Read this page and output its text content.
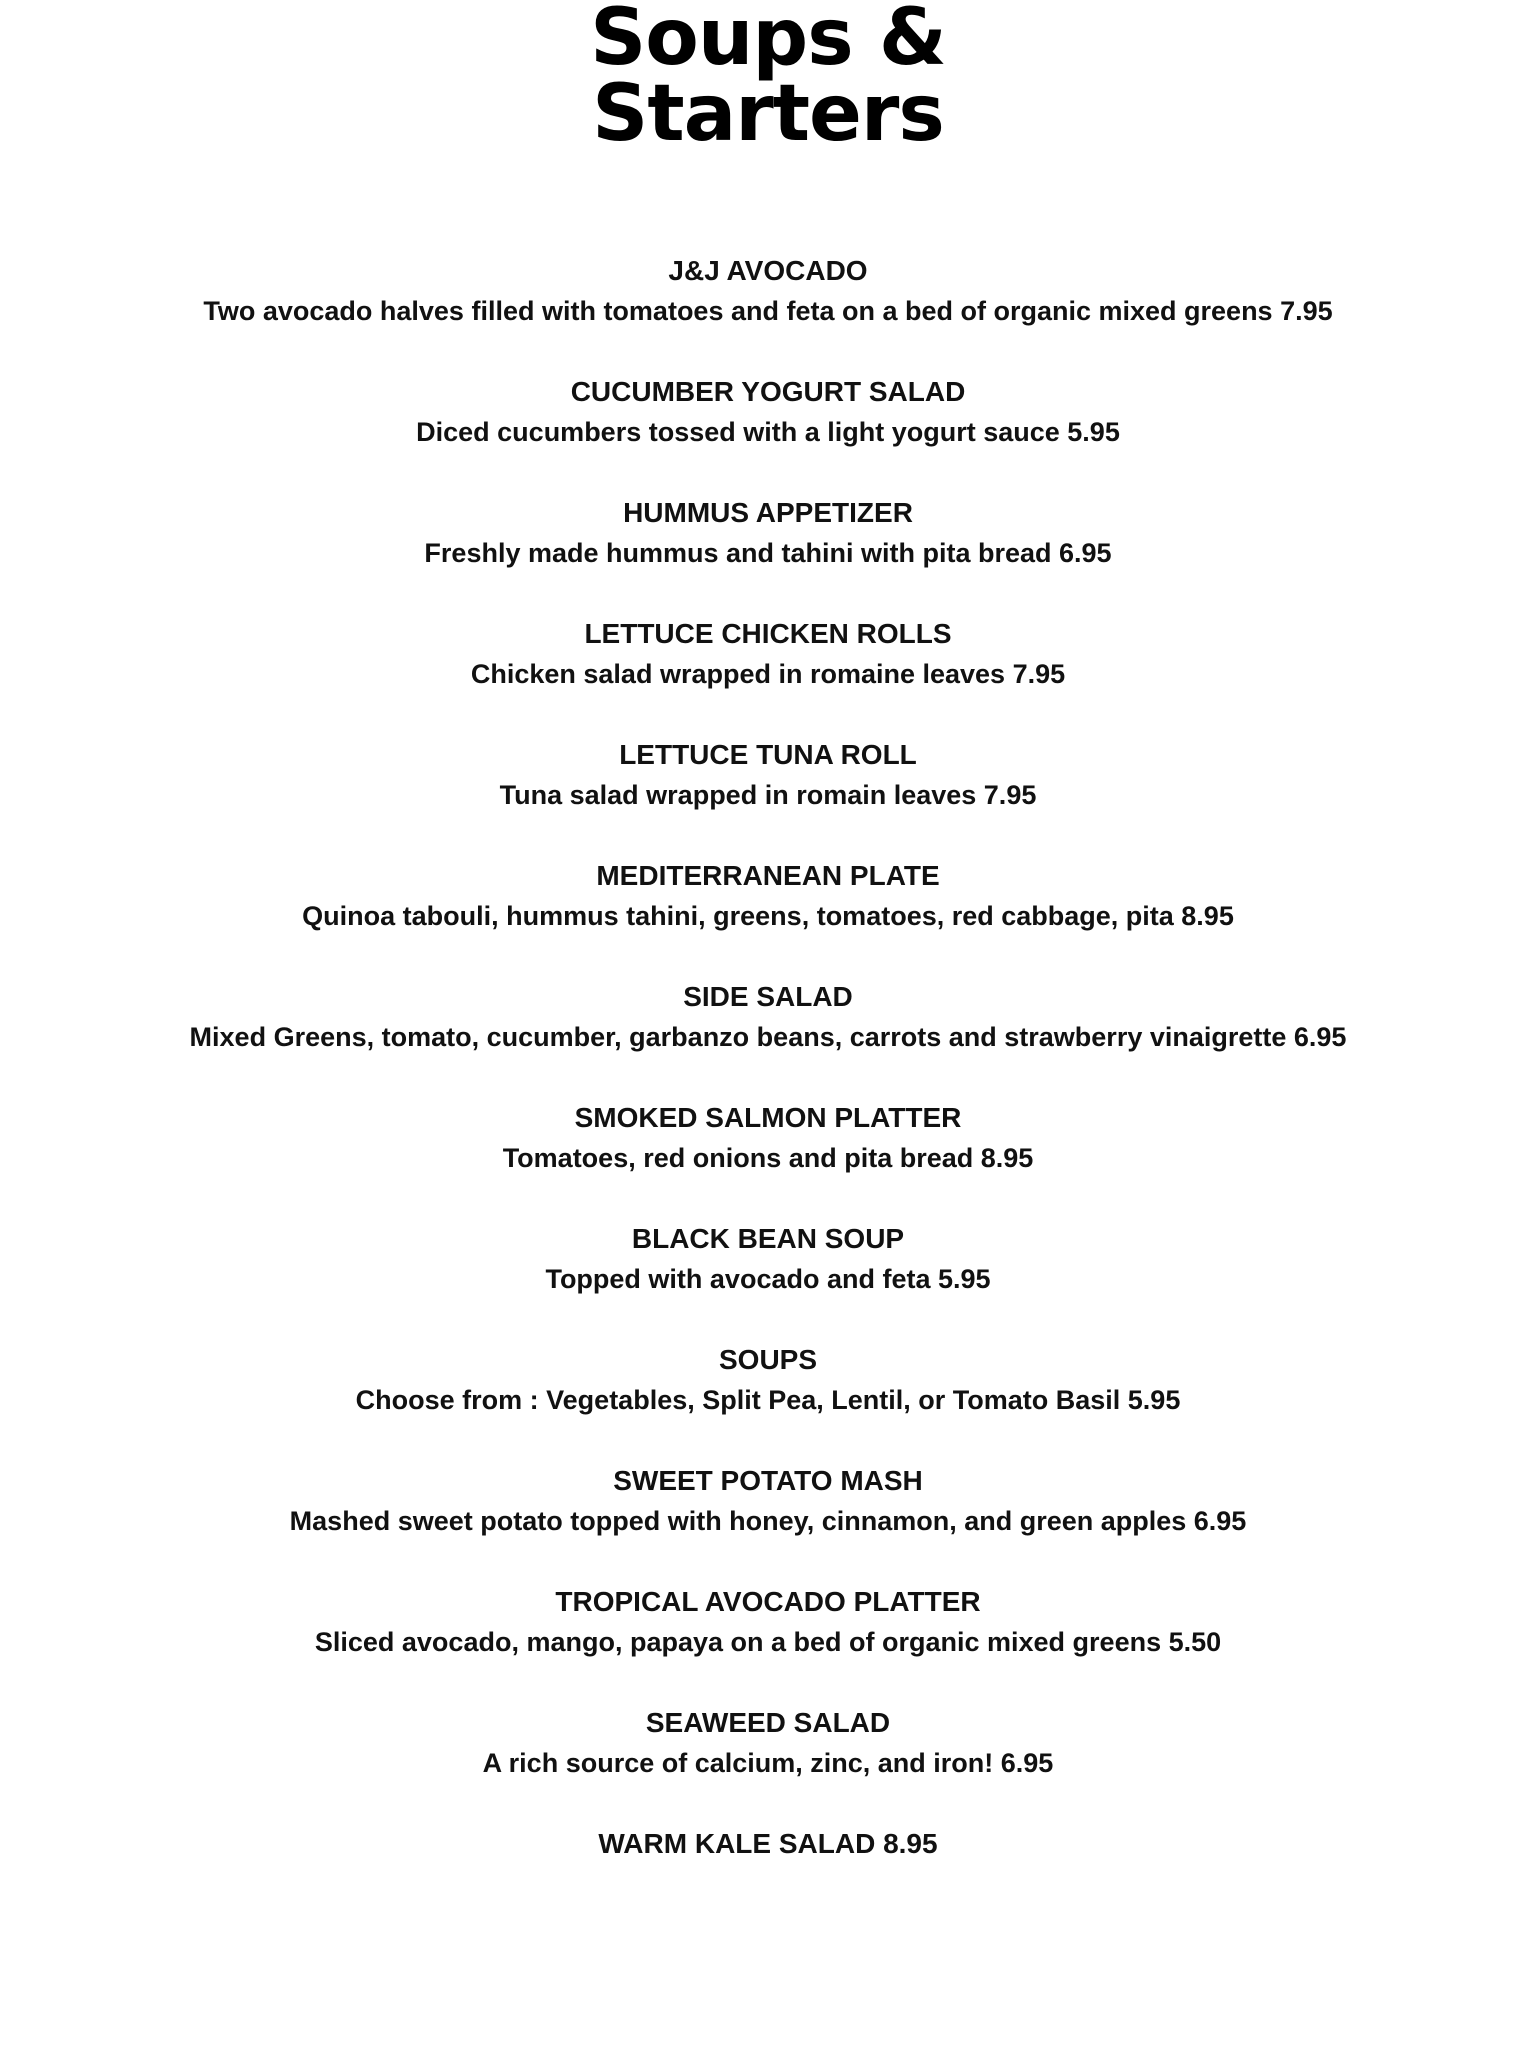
Soups &
Starters
J&J AVOCADO
Two avocado halves filled with tomatoes and feta on a bed of organic mixed greens 7.95
CUCUMBER YOGURT SALAD
Diced cucumbers tossed with a light yogurt sauce 5.95
HUMMUS APPETIZER
Freshly made hummus and tahini with pita bread 6.95
LETTUCE CHICKEN ROLLS
Chicken salad wrapped in romaine leaves 7.95
LETTUCE TUNA ROLL
Tuna salad wrapped in romain leaves 7.95
MEDITERRANEAN PLATE
Quinoa tabouli, hummus tahini, greens, tomatoes, red cabbage, pita 8.95
SIDE SALAD
Mixed Greens, tomato, cucumber, garbanzo beans, carrots and strawberry vinaigrette 6.95
SMOKED SALMON PLATTER
Tomatoes, red onions and pita bread 8.95
BLACK BEAN SOUP
Topped with avocado and feta 5.95
SOUPS
Choose from : Vegetables, Split Pea, Lentil, or Tomato Basil 5.95
SWEET POTATO MASH
Mashed sweet potato topped with honey, cinnamon, and green apples 6.95
TROPICAL AVOCADO PLATTER
Sliced avocado, mango, papaya on a bed of organic mixed greens 5.50
SEAWEED SALAD
A rich source of calcium, zinc, and iron! 6.95
WARM KALE SALAD 8.95
